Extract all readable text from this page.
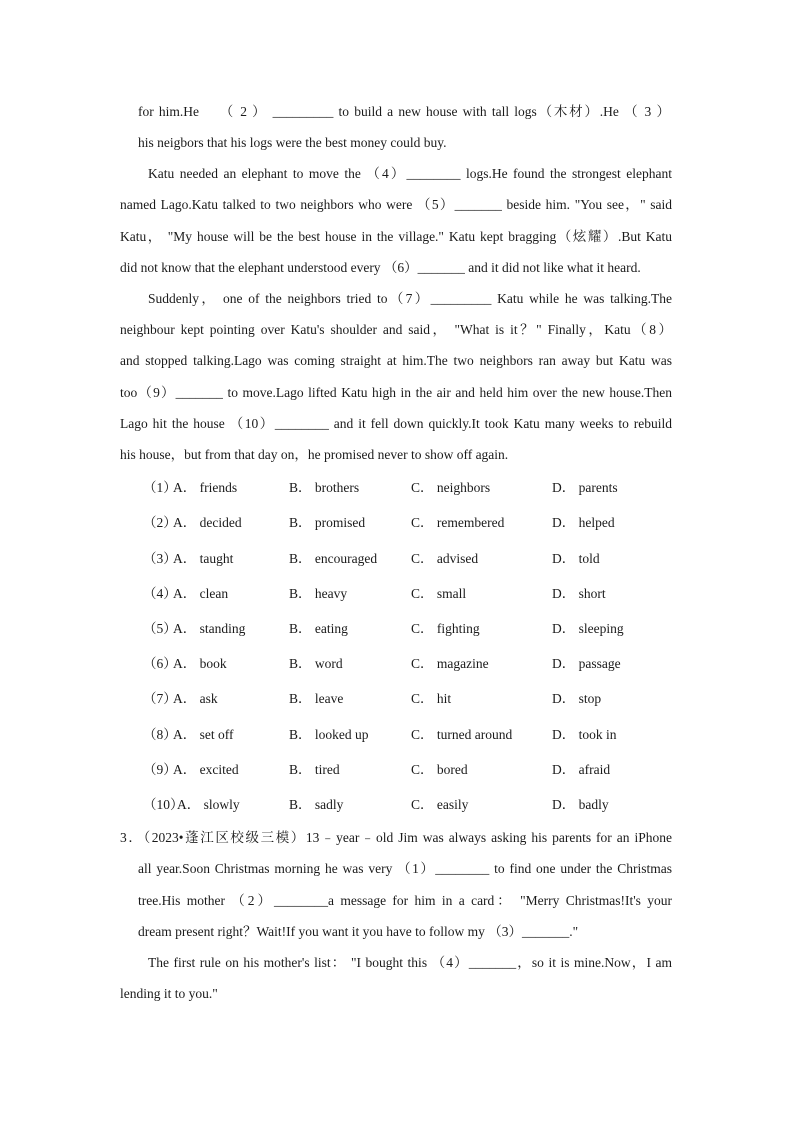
for him.He    （ 2 ） _________ to build a new house with tall logs（木材）.He （ 3 ）
his neigbors that his logs were the best money could buy.
Katu needed an elephant to move the （4）________ logs.He found the strongest elephant
named Lago.Katu talked to two neighbors who were （5）_______ beside him. "You see，" said
Katu， "My house will be the best house in the village." Katu kept bragging（炫耀）.But Katu
did not know that the elephant understood every （6）_______ and it did not like what it heard.
Suddenly， one of the neighbors tried to（7）_________ Katu while he was talking.The
neighbour kept pointing over Katu's shoulder and said， "What is it？" Finally，Katu（8）
and stopped talking.Lago was coming straight at him.The two neighbors ran away but Katu was
too（9）_______ to move.Lago lifted Katu high in the air and held him over the new house.Then
Lago hit the house （10）________ and it fell down quickly.It took Katu many weeks to rebuild
his house，but from that day on，he promised never to show off again.
（1）
A． friends	B． brothers	C． neighbors	D． parents
（2）
A． decided	B． promised	C． remembered	D． helped
（3）
A． taught	B． encouraged	C． advised	D． told
（4）
A． clean	B． heavy	C． small	D． short
（5）
A． standing	B． eating	C． fighting	D． sleeping
（6）
A． book	B． word	C． magazine	D． passage
（7）
A． ask	B． leave	C． hit	D． stop
（8）
A． set off	B． looked up	C． turned around	D． took in
（9）
A． excited	B． tired	C． bored	D． afraid
（10）
A． slowly	B． sadly	C． easily	D． badly
3．（2023•蓬江区校级三模）13﹣year﹣old Jim was always asking his parents for an iPhone
all year.Soon Christmas morning he was very （1）________ to find one under the Christmas
tree.His mother （2）________a message for him in a card： "Merry Christmas!It's your
dream present right？Wait!If you want it you have to follow my （3）_______."
The first rule on his mother's list： "I bought this （4）_______，so it is mine.Now，I am
lending it to you."
